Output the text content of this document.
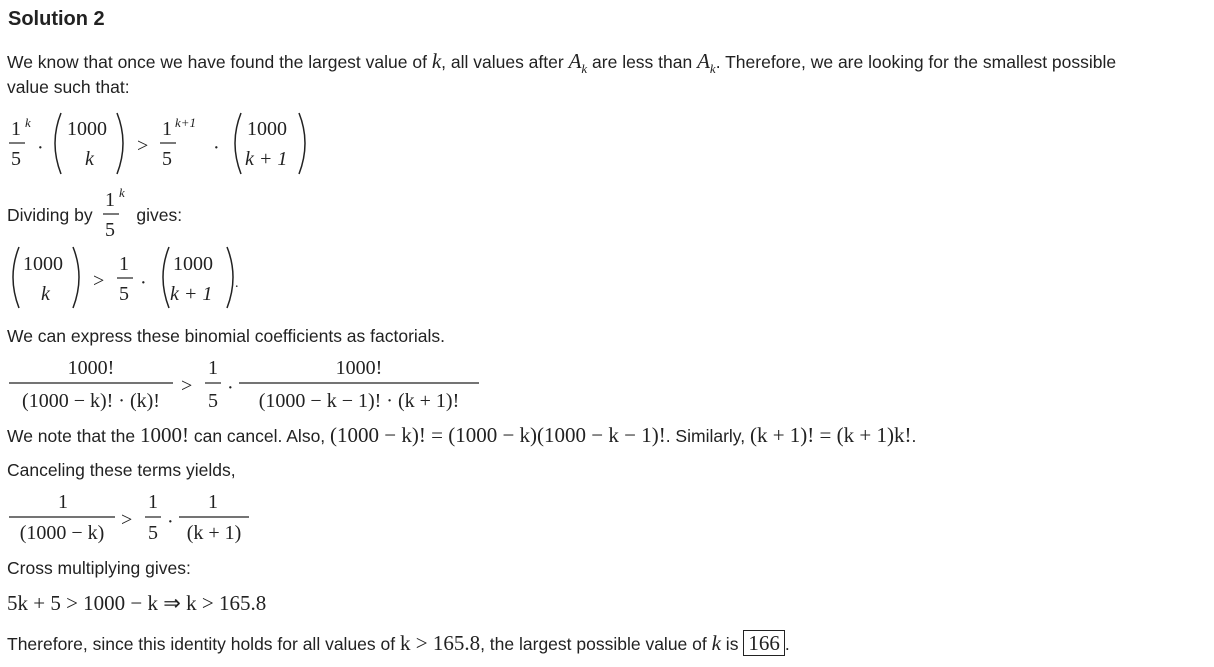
Solution 2
We know that once we have found the largest value of k, all values after $A_k$ are less than $A_k$. Therefore, we are looking for the smallest possible
value such that:
1 k
5 ·
1000
k
>
1 k+1
5 ·
1000
k + 1
Dividing by	gives:
1 k
5
1000
k
>
1
5 ·
1000
k + 1 .
We can express these binomial coefficients as factorials.
1000!
(1000 − k)! · (k)!
>
1
5
·
1000!
(1000 − k − 1)! · (k + 1)!
We note that the 1000! can cancel. Also, (1000 − k)! = (1000 − k)(1000 − k − 1)!. Similarly, (k + 1)! = (k + 1)k!.
Canceling these terms yields,
1
(1000 − k)
>
1
5 ·
1
(k + 1)
Cross multiplying gives:
5k + 5 > 1000 − k ⇒ k > 165.8
Therefore, since this identity holds for all values of k > 165.8, the largest possible value of k is 166 .
